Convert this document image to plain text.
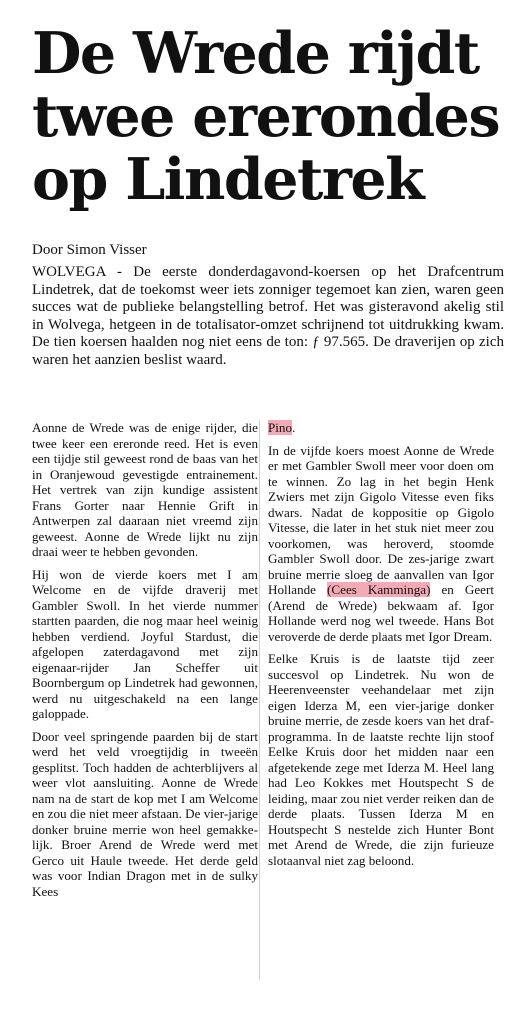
De Wrede rijdt
twee ererondes
op Lindetrek
Door Simon Visser

WOLVEGA - De eerste donderdagavond-koersen op het Drafcentrum Lindetrek, dat de toekomst weer iets zonniger tegemoet kan zien, waren geen succes wat de publieke belangstelling betrof. Het was gisteravond akelig stil in Wolvega, hetgeen in de totalisator-omzet schrijnend tot uitdrukking kwam. De tien koersen haalden nog niet eens de ton: ƒ 97.565. De draverijen op zich waren het aanzien beslist waard.

Aonne de Wrede was de enige rijder, die twee keer een ereronde reed. Het is even een tijdje stil geweest rond de baas van het in Oranjewoud gevestigde entrainement. Het vertrek van zijn kundige assistent Frans Gorter naar Hennie Grift in Antwerpen zal daaraan niet vreemd zijn geweest. Aonne de Wrede lijkt nu zijn draai weer te hebben gevonden.

Hij won de vierde koers met I am Welcome en de vijfde draverij met Gambler Swoll. In het vierde nummer startten paarden, die nog maar heel weinig hebben verdiend. Joyful Stardust, die afgelopen zaterdagavond met zijn eigenaar-rijder Jan Scheffer uit Boornbergum op Lindetrek had gewonnen, werd nu uitgeschakeld na een lange galoppade.

Door veel springende paarden bij de start werd het veld vroegtijdig in tweeën gesplitst. Toch hadden de achterblijvers al weer vlot aansluiting. Aonne de Wrede nam na de start de kop met I am Welcome en zou die niet meer afstaan. De vier-jarige donker bruine merrie won heel gemakkelijk. Broer Arend de Wrede werd met Gerco uit Haule tweede. Het derde geld was voor Indian Dragon met in de sulky Kees

Pino.

In de vijfde koers moest Aonne de Wrede er met Gambler Swoll meer voor doen om te winnen. Zo lag in het begin Henk Zwiers met zijn Gigolo Vitesse even fiks dwars. Nadat de koppositie op Gigolo Vitesse, die later in het stuk niet meer zou voorkomen, was heroverd, stoomde Gambler Swoll door. De zes-jarige zwart bruine merrie sloeg de aanvallen van Igor Hollande (Cees Kamminga) en Geert (Arend de Wrede) bekwaam af. Igor Hollande werd nog wel tweede. Hans Bot veroverde de derde plaats met Igor Dream.

Eelke Kruis is de laatste tijd zeer succesvol op Lindetrek. Nu won de Heerenveenster veehandelaar met zijn eigen Iderza M, een vier-jarige donker bruine merrie, de zesde koers van het drafprogramma. In de laatste rechte lijn stoof Eelke Kruis door het midden naar een afgetekende zege met Iderza M. Heel lang had Leo Kokkes met Houtspecht S de leiding, maar zou niet verder reiken dan de derde plaats. Tussen Iderza M en Houtspecht S nestelde zich Hunter Bont met Arend de Wrede, die zijn furieuze slotaanval niet zag beloond.
